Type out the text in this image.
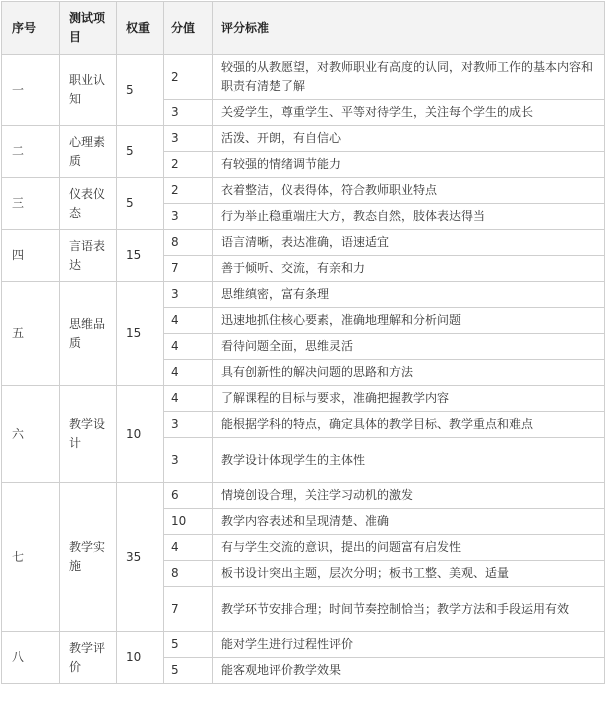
序号	测试项目	权重	分值	评分标准
一	职业认知	5	2	较强的从教愿望，对教师职业有高度的认同，对教师工作的基本内容和职责有清楚了解
			3	关爱学生，尊重学生、平等对待学生，关注每个学生的成长
二	心理素质	5	3	活泼、开朗，有自信心
			2	有较强的情绪调节能力
三	仪表仪态	5	2	衣着整洁，仪表得体，符合教师职业特点
			3	行为举止稳重端庄大方，教态自然，肢体表达得当
四	言语表达	15	8	语言清晰，表达准确，语速适宜
			7	善于倾听、交流，有亲和力
五	思维品质	15	3	思维缜密，富有条理
			4	迅速地抓住核心要素，准确地理解和分析问题
			4	看待问题全面，思维灵活
			4	具有创新性的解决问题的思路和方法
六	教学设计	10	4	了解课程的目标与要求，准确把握教学内容
			3	能根据学科的特点，确定具体的教学目标、教学重点和难点
			3	教学设计体现学生的主体性
七	教学实施	35	6	情境创设合理，关注学习动机的激发
			10	教学内容表述和呈现清楚、准确
			4	有与学生交流的意识，提出的问题富有启发性
			8	板书设计突出主题，层次分明；板书工整、美观、适量
			7	教学环节安排合理；时间节奏控制恰当；教学方法和手段运用有效
八	教学评价	10	5	能对学生进行过程性评价
			5	能客观地评价教学效果
